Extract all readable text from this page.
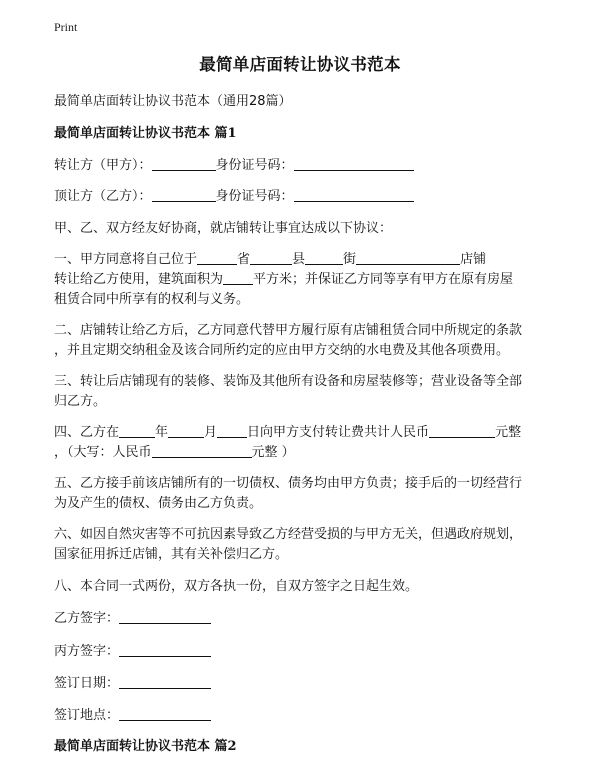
Print
最简单店面转让协议书范本
最简单店面转让协议书范本（通用28篇）
最简单店面转让协议书范本 篇1
转让方（甲方）：	身份证号码：
顶让方（乙方）：	身份证号码：
甲、乙、双方经友好协商，就店铺转让事宜达成以下协议：
一、甲方同意将自己位于	省	县	街	店铺
转让给乙方使用，建筑面积为 平方米；并保证乙方同等享有甲方在原有房屋
租赁合同中所享有的权利与义务。
二、店铺转让给乙方后，乙方同意代替甲方履行原有店铺租赁合同中所规定的条款
，并且定期交纳租金及该合同所约定的应由甲方交纳的水电费及其他各项费用。
三、转让后店铺现有的装修、装饰及其他所有设备和房屋装修等；营业设备等全部
归乙方。
四、乙方在	年	月 日向甲方支付转让费共计人民币	元整
，（大写：人民币	元整 ）
五、乙方接手前该店铺所有的一切债权、债务均由甲方负责；接手后的一切经营行
为及产生的债权、债务由乙方负责。
六、如因自然灾害等不可抗因素导致乙方经营受损的与甲方无关，但遇政府规划，
国家征用拆迁店铺，其有关补偿归乙方。
八、本合同一式两份，双方各执一份，自双方签字之日起生效。
乙方签字：
丙方签字：
签订日期：
签订地点：
最简单店面转让协议书范本 篇2
